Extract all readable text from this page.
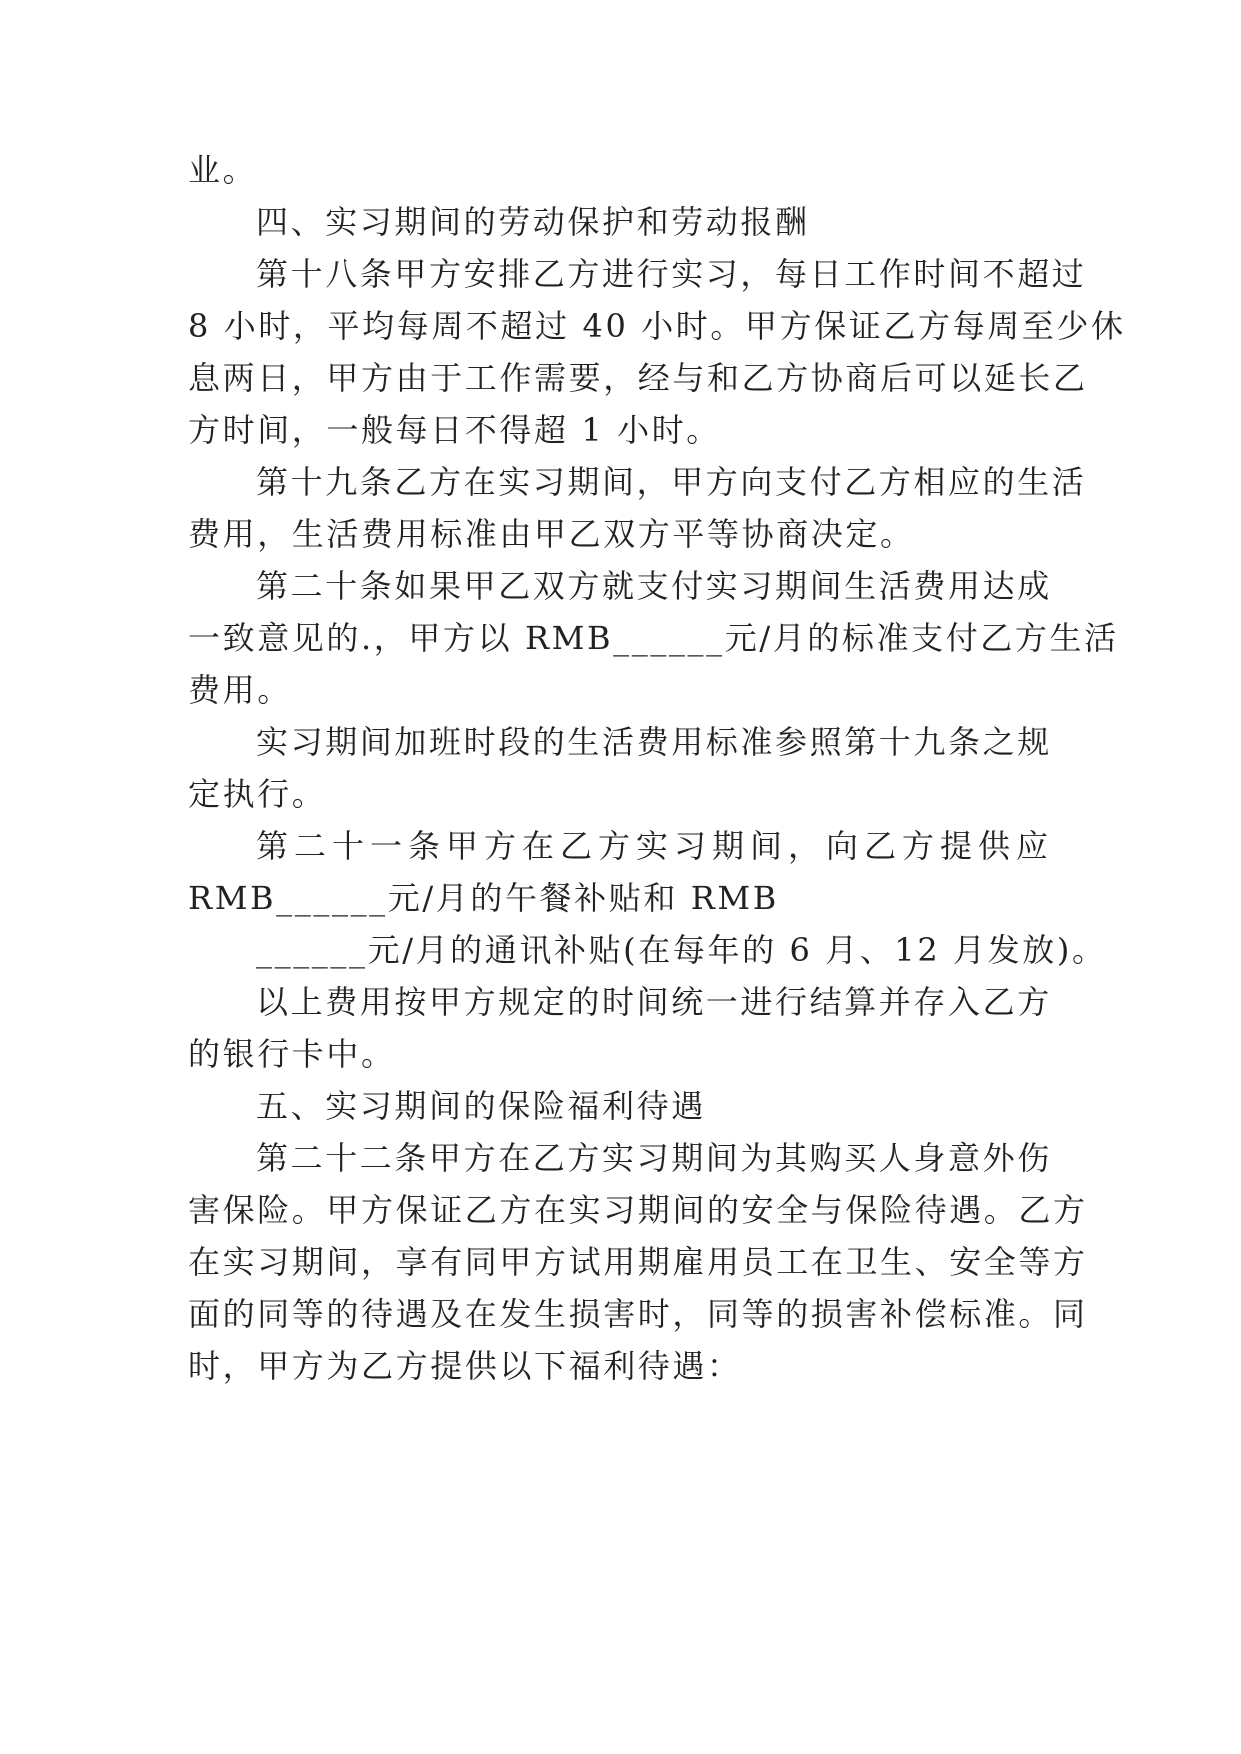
业。
四、实习期间的劳动保护和劳动报酬
第十八条甲方安排乙方进行实习，每日工作时间不超过
8 小时，平均每周不超过 40 小时。甲方保证乙方每周至少休
息两日，甲方由于工作需要，经与和乙方协商后可以延长乙
方时间，一般每日不得超 1 小时。
第十九条乙方在实习期间，甲方向支付乙方相应的生活
费用，生活费用标准由甲乙双方平等协商决定。
第二十条如果甲乙双方就支付实习期间生活费用达成
一致意见的.，甲方以 RMB______元/月的标准支付乙方生活
费用。
实习期间加班时段的生活费用标准参照第十九条之规
定执行。
第二十一条甲方在乙方实习期间，向乙方提供应
RMB______元/月的午餐补贴和 RMB
______元/月的通讯补贴(在每年的 6 月、12 月发放)。
以上费用按甲方规定的时间统一进行结算并存入乙方
的银行卡中。
五、实习期间的保险福利待遇
第二十二条甲方在乙方实习期间为其购买人身意外伤
害保险。甲方保证乙方在实习期间的安全与保险待遇。乙方
在实习期间，享有同甲方试用期雇用员工在卫生、安全等方
面的同等的待遇及在发生损害时，同等的损害补偿标准。同
时，甲方为乙方提供以下福利待遇：
